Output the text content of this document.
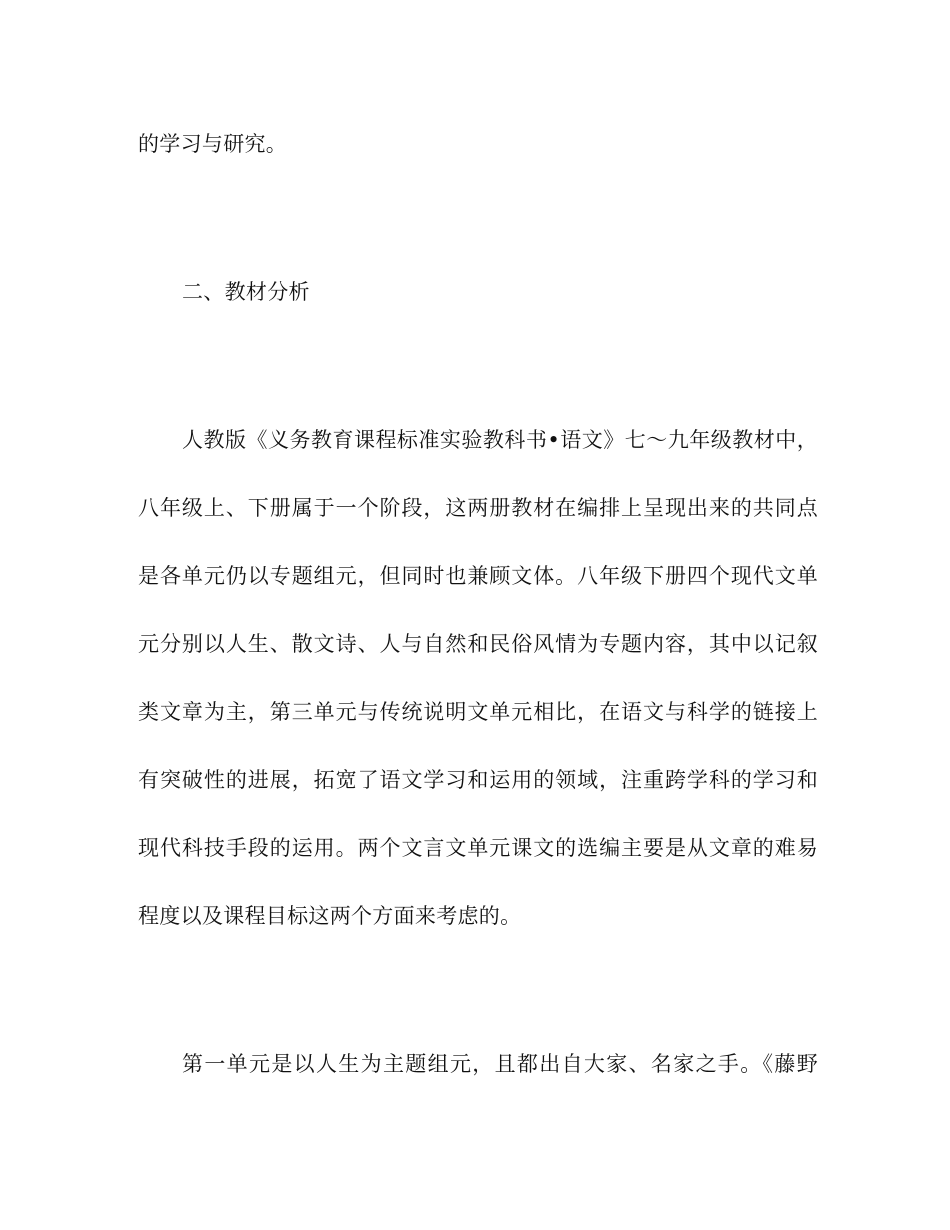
的学习与研究。
二、教材分析
人教版《义务教育课程标准实验教科书•语文》七～九年级教材中，
八年级上、下册属于一个阶段，这两册教材在编排上呈现出来的共同点
是各单元仍以专题组元，但同时也兼顾文体。八年级下册四个现代文单
元分别以人生、散文诗、人与自然和民俗风情为专题内容，其中以记叙
类文章为主，第三单元与传统说明文单元相比，在语文与科学的链接上
有突破性的进展，拓宽了语文学习和运用的领域，注重跨学科的学习和
现代科技手段的运用。两个文言文单元课文的选编主要是从文章的难易
程度以及课程目标这两个方面来考虑的。
第一单元是以人生为主题组元，且都出自大家、名家之手。《藤野
